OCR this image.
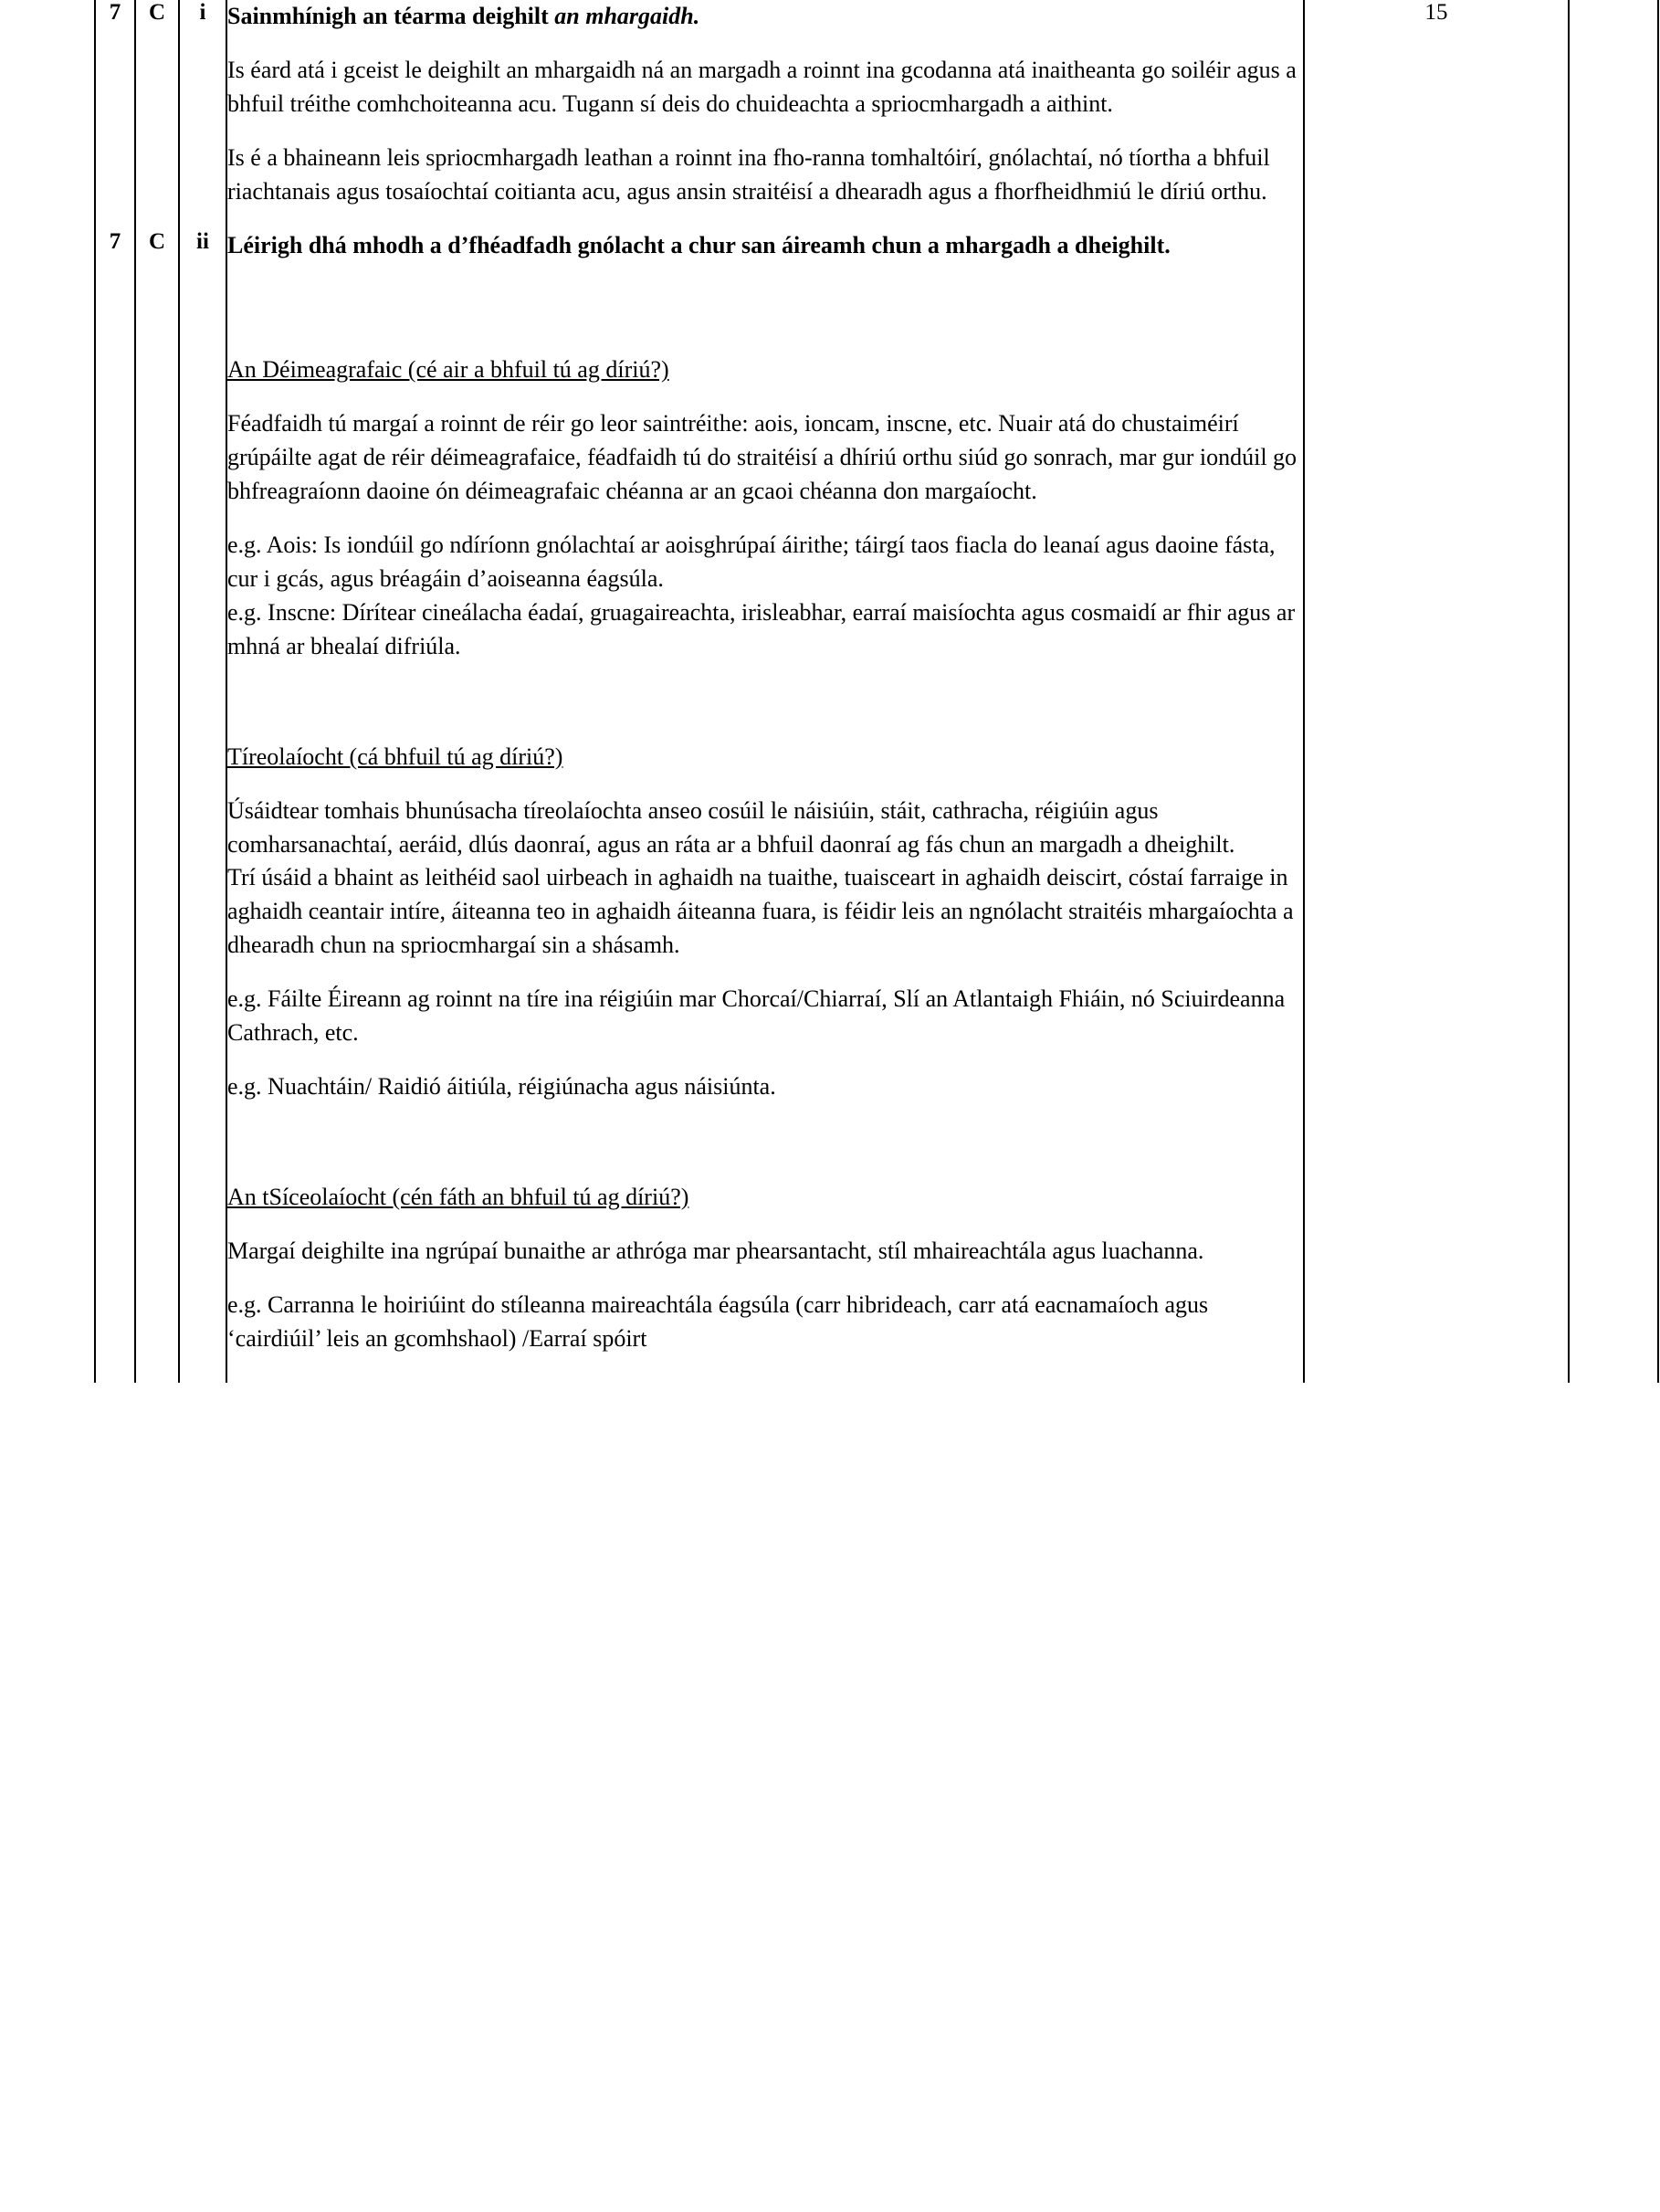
7	C	i	Sainmhínigh an téarma deighilt an mhargaidh.

Is éard atá i gceist le deighilt an mhargaidh ná an margadh a roinnt ina gcodanna atá inaitheanta go soiléir agus a bhfuil tréithe comhchoiteanna acu. Tugann sí deis do chuideachta a spriocmhargadh a aithint.

Is é a bhaineann leis spriocmhargadh leathan a roinnt ina fho-ranna tomhaltóirí, gnólachtaí, nó tíortha a bhfuil riachtanais agus tosaíochtaí coitianta acu, agus ansin straitéisí a dhearadh agus a fhorfheidhmiú le díriú orthu.	15	
7	C	ii	Léirigh dhá mhodh a d’fhéadfadh gnólacht a chur san áireamh chun a mhargadh a dheighilt.

An Déimeagrafaic (cé air a bhfuil tú ag díriú?)

Féadfaidh tú margaí a roinnt de réir go leor saintréithe: aois, ioncam, inscne, etc. Nuair atá do chustaiméirí grúpáilte agat de réir déimeagrafaice, féadfaidh tú do straitéisí a dhíriú orthu siúd go sonrach, mar gur iondúil go bhfreagraíonn daoine ón déimeagrafaic chéanna ar an gcaoi chéanna don margaíocht.

e.g. Aois: Is iondúil go ndíríonn gnólachtaí ar aoisghrúpaí áirithe; táirgí taos fiacla do leanaí agus daoine fásta, cur i gcás, agus bréagáin d’aoiseanna éagsúla.

e.g. Inscne: Dírítear cineálacha éadaí, gruagaireachta, irisleabhar, earraí maisíochta agus cosmaidí ar fhir agus ar mhná ar bhealaí difriúla.

Tíreolaíocht (cá bhfuil tú ag díriú?)

Úsáidtear tomhais bhunúsacha tíreolaíochta anseo cosúil le náisiúin, stáit, cathracha, réigiúin agus comharsanachtaí, aeráid, dlús daonraí, agus an ráta ar a bhfuil daonraí ag fás chun an margadh a dheighilt.

Trí úsáid a bhaint as leithéid saol uirbeach in aghaidh na tuaithe, tuaisceart in aghaidh deiscirt, cóstaí farraige in aghaidh ceantair intíre, áiteanna teo in aghaidh áiteanna fuara, is féidir leis an ngnólacht straitéis mhargaíochta a dhearadh chun na spriocmhargaí sin a shásamh.

e.g. Fáilte Éireann ag roinnt na tíre ina réigiúin mar Chorcaí/Chiarraí, Slí an Atlantaigh Fhiáin, nó Sciuirdeanna Cathrach, etc.

e.g. Nuachtáin/ Raidió áitiúla, réigiúnacha agus náisiúnta.

An tSíceolaíocht (cén fáth an bhfuil tú ag díriú?)

Margaí deighilte ina ngrúpaí bunaithe ar athróga mar phearsantacht, stíl mhaireachtála agus luachanna.

e.g. Carranna le hoiriúint do stíleanna maireachtála éagsúla (carr hibrideach, carr atá eacnamaíoch agus ‘cairdiúil’ leis an gcomhshaol) /Earraí spóirt
